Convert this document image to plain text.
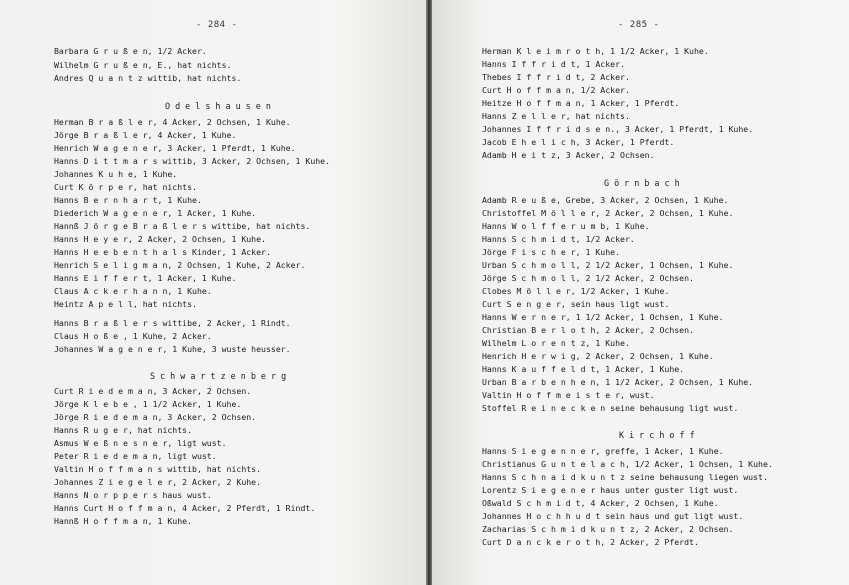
- 284 -
Barbara G r u ß e n, 1/2 Acker.
Wilhelm G r u ß e n, E., hat nichts.
Andres Q u a n t z wittib, hat nichts.
O d e l s h a u s e n
Herman B r a ß l e r, 4 Acker, 2 Ochsen, 1 Kuhe.
Jörge B r a ß l e r, 4 Acker, 1 Kuhe.
Henrich W a g e n e r, 3 Acker, 1 Pferdt, 1 Kuhe.
Hanns D i t t m a r s wittib, 3 Acker, 2 Ochsen, 1 Kuhe.
Johannes K u h e, 1 Kuhe.
Curt K ö r p e r, hat nichts.
Hanns B e r n h a r t, 1 Kuhe.
Diederich W a g e n e r, 1 Acker, 1 Kuhe.
Hannß J ö r g e B r a ß l e r s wittibe, hat nichts.
Hanns H e y e r, 2 Acker, 2 Ochsen, 1 Kuhe.
Hanns H e e b e n t h a l s Kinder, 1 Acker.
Henrich S e l i g m a n, 2 Ochsen, 1 Kuhe, 2 Acker.
Hanns E i f f e r t, 1 Acker, 1 Kuhe.
Claus A c k e r h a n n, 1 Kuhe.
Heintz A p e l l, hat nichts.
Hanns B r a ß l e r s wittibe, 2 Acker, 1 Rindt.
Claus H o ß e , 1 Kuhe, 2 Acker.
Johannes W a g e n e r, 1 Kuhe, 3 wuste heusser.
S c h w a r t z e n b e r g
Curt R i e d e m a n, 3 Acker, 2 Ochsen.
Jörge K l e b e , 1 1/2 Acker, 1 Kuhe.
Jörge R i e d e m a n, 3 Acker, 2 Ochsen.
Hanns R u g e r, hat nichts.
Asmus W e ß n e s n e r, ligt wust.
Peter R i e d e m a n, ligt wust.
Valtin H o f f m a n s wittib, hat nichts.
Johannes Z i e g e l e r, 2 Acker, 2 Kuhe.
Hanns N o r p p e r s haus wust.
Hanns Curt H o f f m a n, 4 Acker, 2 Pferdt, 1 Rindt.
Hannß H o f f m a n, 1 Kuhe.
- 285 -
Herman K l e i m r o t h, 1 1/2 Acker, 1 Kuhe.
Hanns I f f r i d t, 1 Acker.
Thebes I f f r i d t, 2 Acker.
Curt H o f f m a n, 1/2 Acker.
Heitze H o f f m a n, 1 Acker, 1 Pferdt.
Hanns Z e l l e r, hat nichts.
Johannes I f f r i d s e n., 3 Acker, 1 Pferdt, 1 Kuhe.
Jacob E h e l i c h, 3 Acker, 1 Pferdt.
Adamb H e i t z, 3 Acker, 2 Ochsen.
G ö r n b a c h
Adamb R e u ß e, Grebe, 3 Acker, 2 Ochsen, 1 Kuhe.
Christoffel M ö l l e r, 2 Acker, 2 Ochsen, 1 Kuhe.
Hanns W o l f f e r u m b, 1 Kuhe.
Hanns S c h m i d t, 1/2 Acker.
Jörge F i s c h e r, 1 Kuhe.
Urban S c h m o l l, 2 1/2 Acker, 1 Ochsen, 1 Kuhe.
Jörge S c h m o l l, 2 1/2 Acker, 2 Ochsen.
Clobes M ö l l e r, 1/2 Acker, 1 Kuhe.
Curt S e n g e r, sein haus ligt wust.
Hanns W e r n e r, 1 1/2 Acker, 1 Ochsen, 1 Kuhe.
Christian B e r l o t h, 2 Acker, 2 Ochsen.
Wilhelm L o r e n t z, 1 Kuhe.
Henrich H e r w i g, 2 Acker, 2 Ochsen, 1 Kuhe.
Hanns K a u f f e l d t, 1 Acker, 1 Kuhe.
Urban B a r b e n h e n, 1 1/2 Acker, 2 Ochsen, 1 Kuhe.
Valtin H o f f m e i s t e r, wust.
Stoffel R e i n e c k e n seine behausung ligt wust.
K i r c h o f f
Hanns S i e g e n n e r, greffe, 1 Acker, 1 Kuhe.
Christianus G u n t e l a c h, 1/2 Acker, 1 Ochsen, 1 Kuhe.
Hanns S c h n a i d k u n t z seine behausung liegen wust.
Lorentz S i e g e n e r haus unter guster ligt wust.
Oßwald S c h m i d t, 4 Acker, 2 Ochsen, 1 Kuhe.
Johannes H o c h h u d t sein haus und gut ligt wust.
Zacharias S c h m i d k u n t z, 2 Acker, 2 Ochsen.
Curt D a n c k e r o t h, 2 Acker, 2 Pferdt.
